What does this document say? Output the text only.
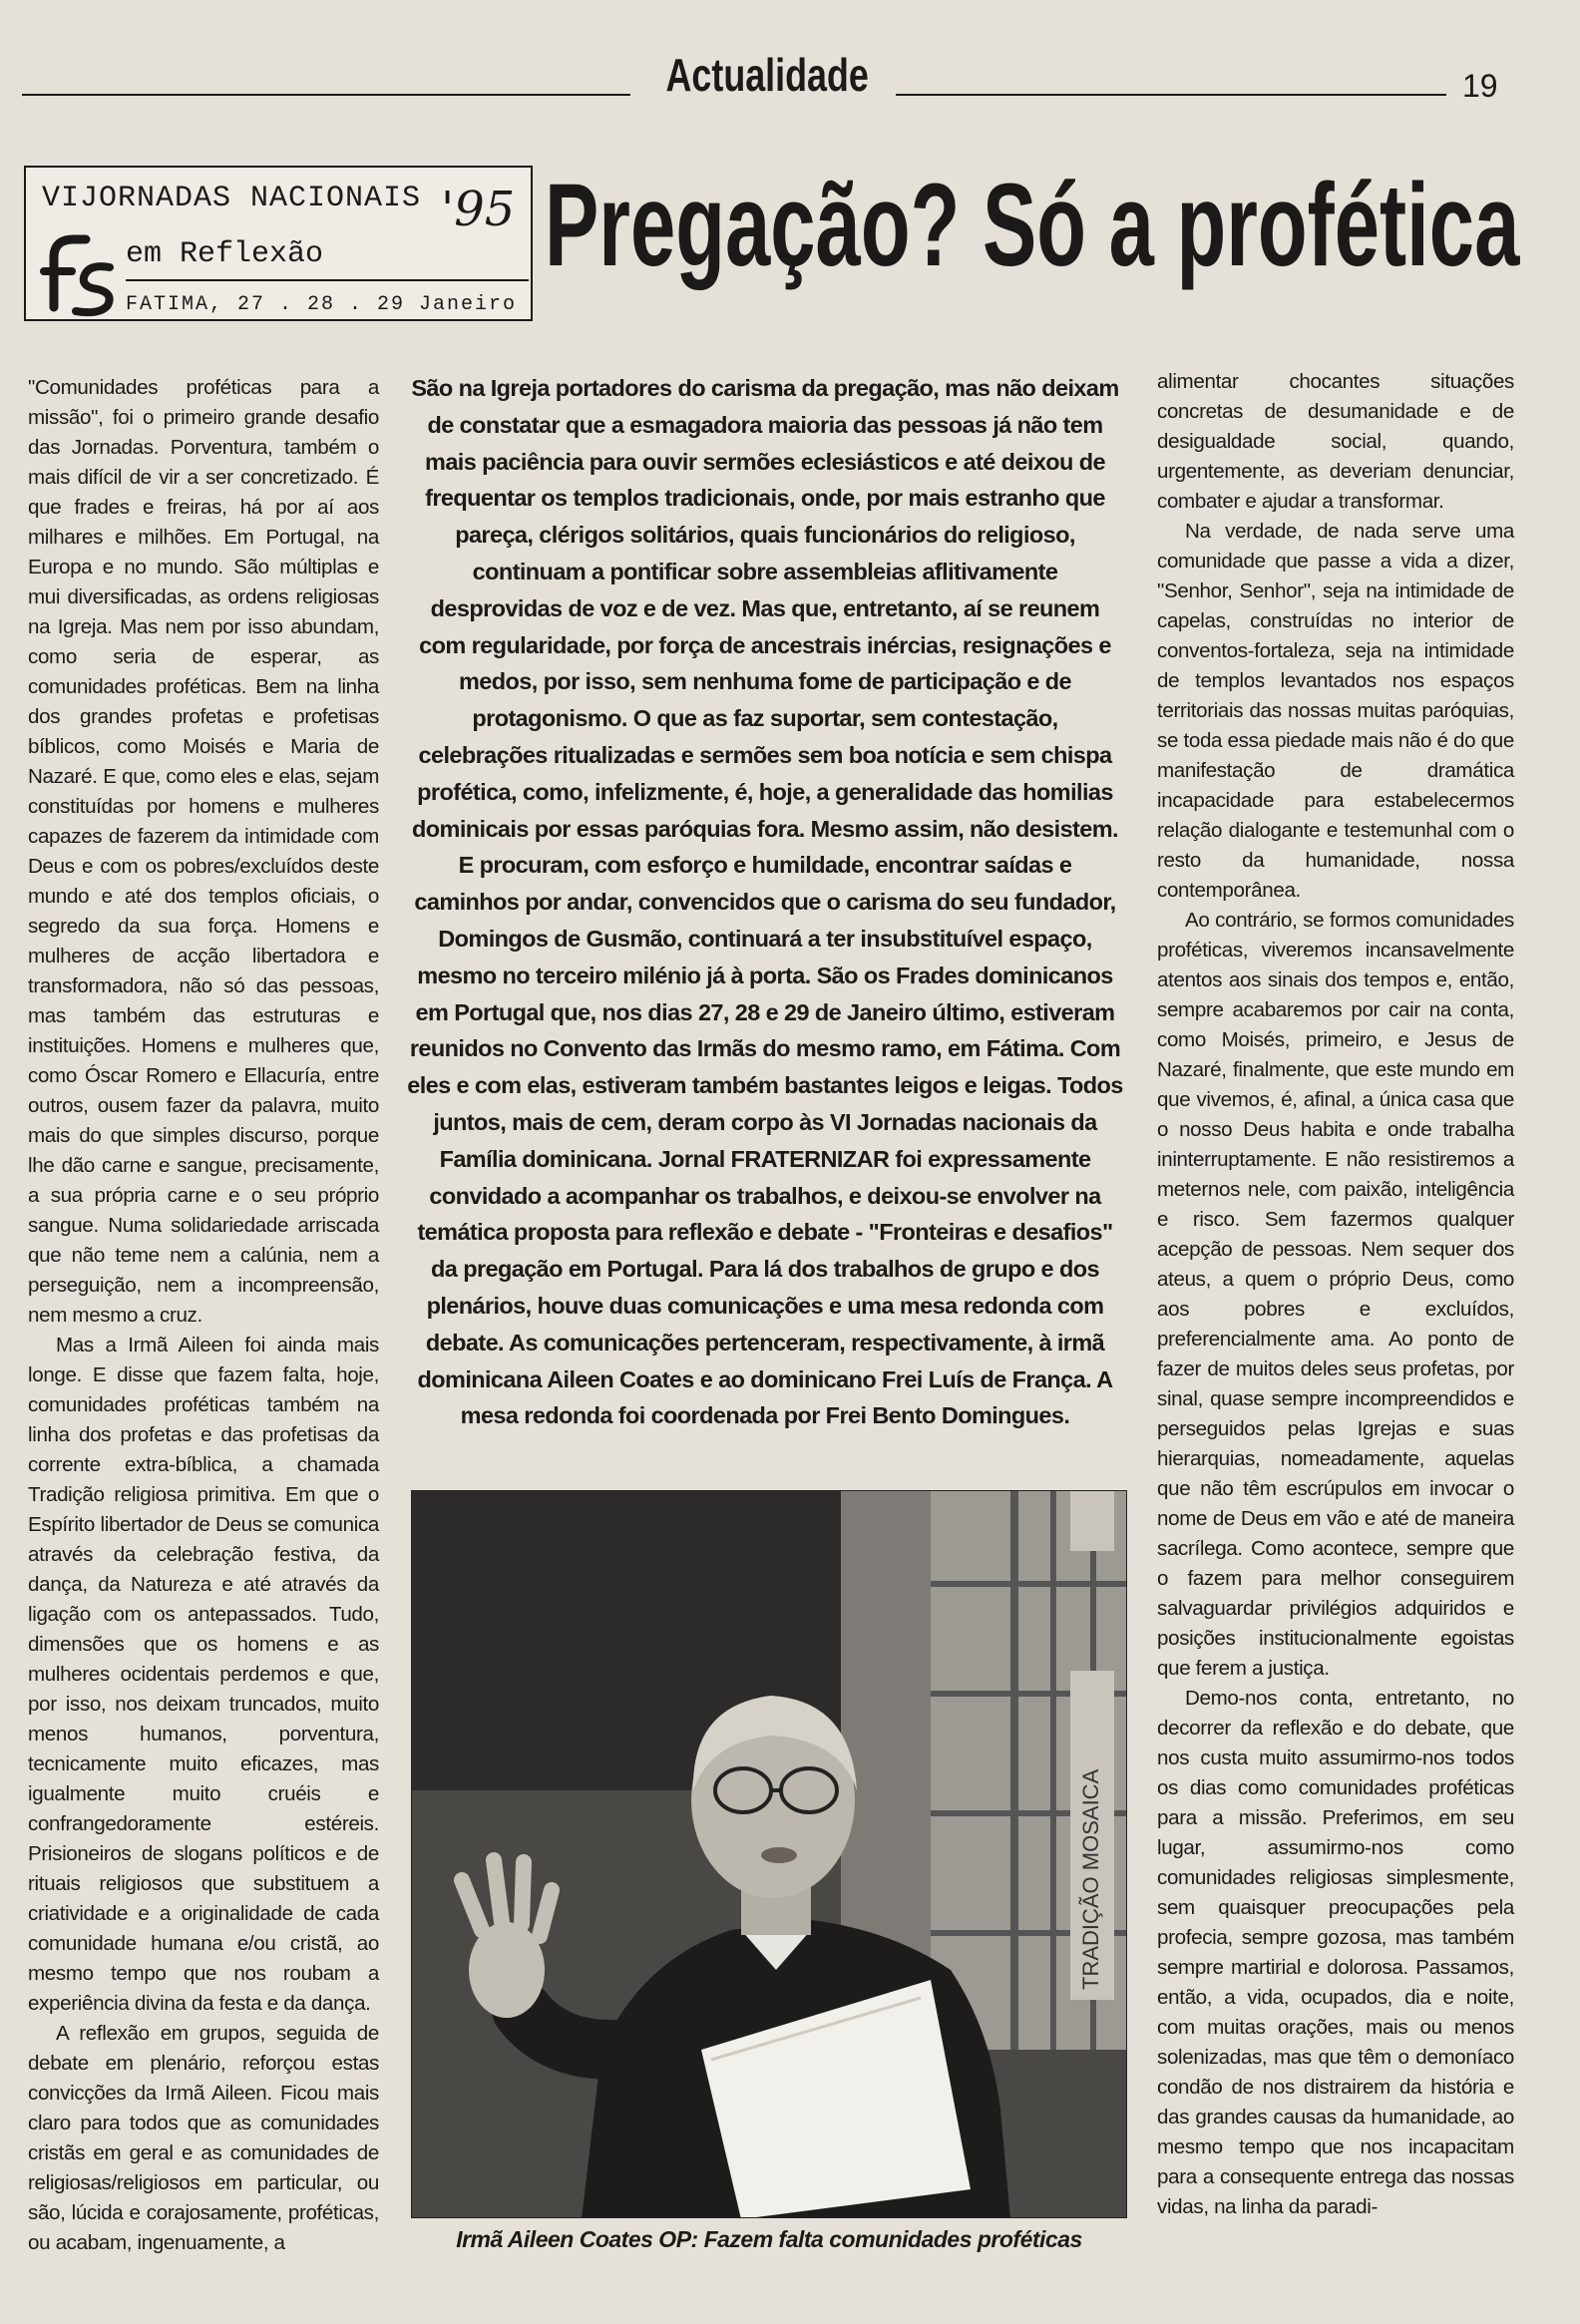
Actualidade	19
VIJORNADAS NACIONAIS '95
em Reflexão
FATIMA, 27 . 28 . 29 Janeiro
Pregação? Só a profética

"Comunidades proféticas para a missão", foi o primeiro grande desafio das Jornadas. Porventura, também o mais difícil de vir a ser concretizado. É que frades e freiras, há por aí aos milhares e milhões. Em Portugal, na Europa e no mundo. São múltiplas e mui diversificadas, as ordens religiosas na Igreja. Mas nem por isso abundam, como seria de esperar, as comunidades proféticas. Bem na linha dos grandes profetas e profetisas bíblicos, como Moisés e Maria de Nazaré. E que, como eles e elas, sejam constituídas por homens e mulheres capazes de fazerem da intimidade com Deus e com os pobres/excluídos deste mundo e até dos templos oficiais, o segredo da sua força. Homens e mulheres de acção libertadora e transformadora, não só das pessoas, mas também das estruturas e instituições. Homens e mulheres que, como Óscar Romero e Ellacuría, entre outros, ousem fazer da palavra, muito mais do que simples discurso, porque lhe dão carne e sangue, precisamente, a sua própria carne e o seu próprio sangue. Numa solidariedade arriscada que não teme nem a calúnia, nem a perseguição, nem a incompreensão, nem mesmo a cruz.

Mas a Irmã Aileen foi ainda mais longe. E disse que fazem falta, hoje, comunidades proféticas também na linha dos profetas e das profetisas da corrente extra-bíblica, a chamada Tradição religiosa primitiva. Em que o Espírito libertador de Deus se comunica através da celebração festiva, da dança, da Natureza e até através da ligação com os antepassados. Tudo, dimensões que os homens e as mulheres ocidentais perdemos e que, por isso, nos deixam truncados, muito menos humanos, porventura, tecnicamente muito eficazes, mas igualmente muito cruéis e confrangedoramente estéreis. Prisioneiros de slogans políticos e de rituais religiosos que substituem a criatividade e a originalidade de cada comunidade humana e/ou cristã, ao mesmo tempo que nos roubam a experiência divina da festa e da dança.

A reflexão em grupos, seguida de debate em plenário, reforçou estas convicções da Irmã Aileen. Ficou mais claro para todos que as comunidades cristãs em geral e as comunidades de religiosas/religiosos em particular, ou são, lúcida e corajosamente, proféticas, ou acabam, ingenuamente, a

São na Igreja portadores do carisma da pregação, mas não deixam de constatar que a esmagadora maioria das pessoas já não tem mais paciência para ouvir sermões eclesiásticos e até deixou de frequentar os templos tradicionais, onde, por mais estranho que pareça, clérigos solitários, quais funcionários do religioso, continuam a pontificar sobre assembleias aflitivamente desprovidas de voz e de vez. Mas que, entretanto, aí se reunem com regularidade, por força de ancestrais inércias, resignações e medos, por isso, sem nenhuma fome de participação e de protagonismo. O que as faz suportar, sem contestação, celebrações ritualizadas e sermões sem boa notícia e sem chispa profética, como, infelizmente, é, hoje, a generalidade das homilias dominicais por essas paróquias fora. Mesmo assim, não desistem. E procuram, com esforço e humildade, encontrar saídas e caminhos por andar, convencidos que o carisma do seu fundador, Domingos de Gusmão, continuará a ter insubstituível espaço, mesmo no terceiro milénio já à porta. São os Frades dominicanos em Portugal que, nos dias 27, 28 e 29 de Janeiro último, estiveram reunidos no Convento das Irmãs do mesmo ramo, em Fátima. Com eles e com elas, estiveram também bastantes leigos e leigas. Todos juntos, mais de cem, deram corpo às VI Jornadas nacionais da Família dominicana. Jornal FRATERNIZAR foi expressamente convidado a acompanhar os trabalhos, e deixou-se envolver na temática proposta para reflexão e debate - "Fronteiras e desafios" da pregação em Portugal. Para lá dos trabalhos de grupo e dos plenários, houve duas comunicações e uma mesa redonda com debate. As comunicações pertenceram, respectivamente, à irmã dominicana Aileen Coates e ao dominicano Frei Luís de França. A mesa redonda foi coordenada por Frei Bento Domingues.
TRADIÇÃO MOSAICA
Irmã Aileen Coates OP: Fazem falta comunidades proféticas

alimentar chocantes situações concretas de desumanidade e de desigualdade social, quando, urgentemente, as deveriam denunciar, combater e ajudar a transformar.

Na verdade, de nada serve uma comunidade que passe a vida a dizer, "Senhor, Senhor", seja na intimidade de capelas, construídas no interior de conventos-fortaleza, seja na intimidade de templos levantados nos espaços territoriais das nossas muitas paróquias, se toda essa piedade mais não é do que manifestação de dramática incapacidade para estabelecermos relação dialogante e testemunhal com o resto da humanidade, nossa contemporânea.

Ao contrário, se formos comunidades proféticas, viveremos incansavelmente atentos aos sinais dos tempos e, então, sempre acabaremos por cair na conta, como Moisés, primeiro, e Jesus de Nazaré, finalmente, que este mundo em que vivemos, é, afinal, a única casa que o nosso Deus habita e onde trabalha ininterruptamente. E não resistiremos a meternos nele, com paixão, inteligência e risco. Sem fazermos qualquer acepção de pessoas. Nem sequer dos ateus, a quem o próprio Deus, como aos pobres e excluídos, preferencialmente ama. Ao ponto de fazer de muitos deles seus profetas, por sinal, quase sempre incompreendidos e perseguidos pelas Igrejas e suas hierarquias, nomeadamente, aquelas que não têm escrúpulos em invocar o nome de Deus em vão e até de maneira sacrílega. Como acontece, sempre que o fazem para melhor conseguirem salvaguardar privilégios adquiridos e posições institucionalmente egoistas que ferem a justiça.

Demo-nos conta, entretanto, no decorrer da reflexão e do debate, que nos custa muito assumirmo-nos todos os dias como comunidades proféticas para a missão. Preferimos, em seu lugar, assumirmo-nos como comunidades religiosas simplesmente, sem quaisquer preocupações pela profecia, sempre gozosa, mas também sempre martirial e dolorosa. Passamos, então, a vida, ocupados, dia e noite, com muitas orações, mais ou menos solenizadas, mas que têm o demoníaco condão de nos distrairem da história e das grandes causas da humanidade, ao mesmo tempo que nos incapacitam para a consequente entrega das nossas vidas, na linha da paradi-
